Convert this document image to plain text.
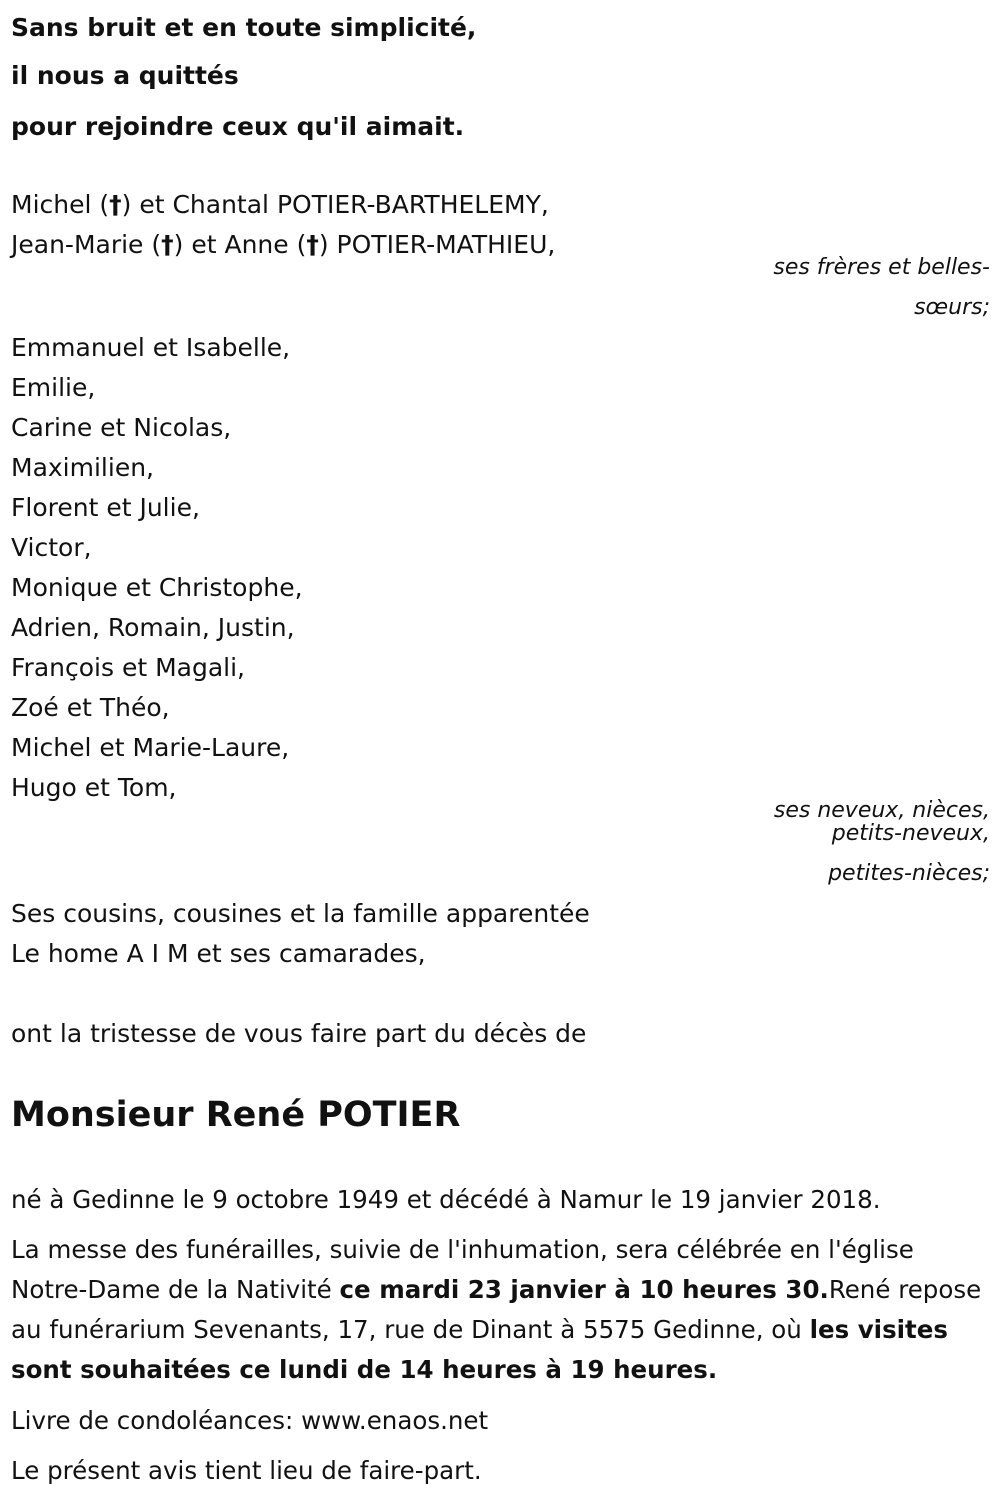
Sans bruit et en toute simplicité,
il nous a quittés
pour rejoindre ceux qu'il aimait.
Michel (†) et Chantal POTIER-BARTHELEMY,
Jean-Marie (†) et Anne (†) POTIER-MATHIEU,
ses frères et belles-
sœurs;
Emmanuel et Isabelle,
Emilie,
Carine et Nicolas,
Maximilien,
Florent et Julie,
Victor,
Monique et Christophe,
Adrien, Romain, Justin,
François et Magali,
Zoé et Théo,
Michel et Marie-Laure,
Hugo et Tom,
ses neveux, nièces,
petits-neveux,
petites-nièces;
Ses cousins, cousines et la famille apparentée
Le home A I M et ses camarades,
ont la tristesse de vous faire part du décès de
Monsieur René POTIER
né à Gedinne le 9 octobre 1949 et décédé à Namur le 19 janvier 2018.
La messe des funérailles, suivie de l'inhumation, sera célébrée en l'église Notre-Dame de la Nativité ce mardi 23 janvier à 10 heures 30.René repose au funérarium Sevenants, 17, rue de Dinant à 5575 Gedinne, où les visites sont souhaitées ce lundi de 14 heures à 19 heures.
Livre de condoléances: www.enaos.net
Le présent avis tient lieu de faire-part.
